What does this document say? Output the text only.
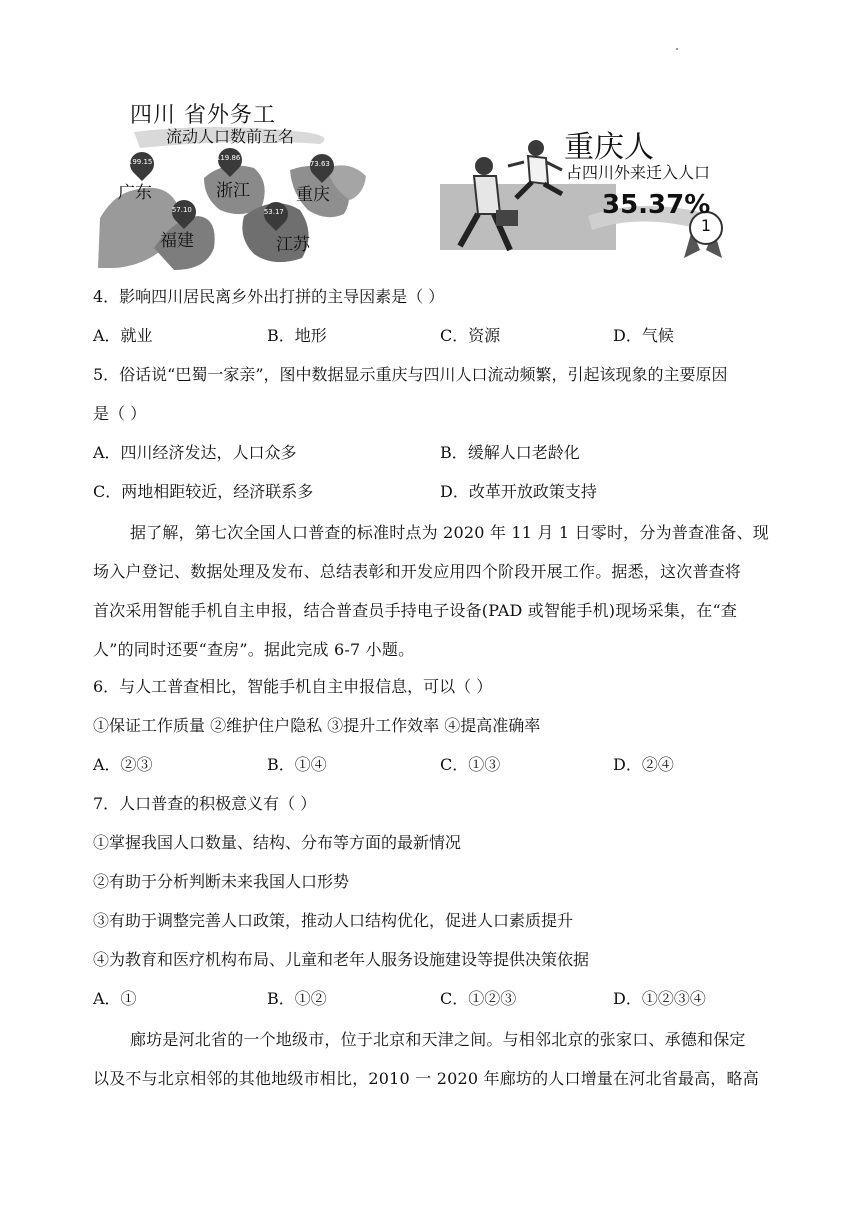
四川 省外务工
流动人口数前五名
199.15
广东
119.86
浙江
73.63
重庆
57.10
福建
53.17
江苏
重庆人
占四川外来迁入人口
35.37%
1
4．影响四川居民离乡外出打拼的主导因素是（ ）
A．就业	B．地形	C．资源	D．气候
5．俗话说“巴蜀一家亲”，图中数据显示重庆与四川人口流动频繁，引起该现象的主要原因
是（ ）
A．四川经济发达，人口众多	B．缓解人口老龄化
C．两地相距较近，经济联系多	D．改革开放政策支持
据了解，第七次全国人口普查的标准时点为 2020 年 11 月 1 日零时，分为普查准备、现
场入户登记、数据处理及发布、总结表彰和开发应用四个阶段开展工作。据悉，这次普查将
首次采用智能手机自主申报，结合普查员手持电子设备(PAD 或智能手机)现场采集，在“查
人”的同时还要“查房”。据此完成 6-7 小题。
6．与人工普查相比，智能手机自主申报信息，可以（ ）
①保证工作质量 ②维护住户隐私 ③提升工作效率 ④提高准确率
A．②③	B．①④	C．①③	D．②④
7．人口普查的积极意义有（ ）
①掌握我国人口数量、结构、分布等方面的最新情况
②有助于分析判断未来我国人口形势
③有助于调整完善人口政策，推动人口结构优化，促进人口素质提升
④为教育和医疗机构布局、儿童和老年人服务设施建设等提供决策依据
A．①	B．①②	C．①②③	D．①②③④
廊坊是河北省的一个地级市，位于北京和天津之间。与相邻北京的张家口、承德和保定
以及不与北京相邻的其他地级市相比，2010 一 2020 年廊坊的人口增量在河北省最高，略高
